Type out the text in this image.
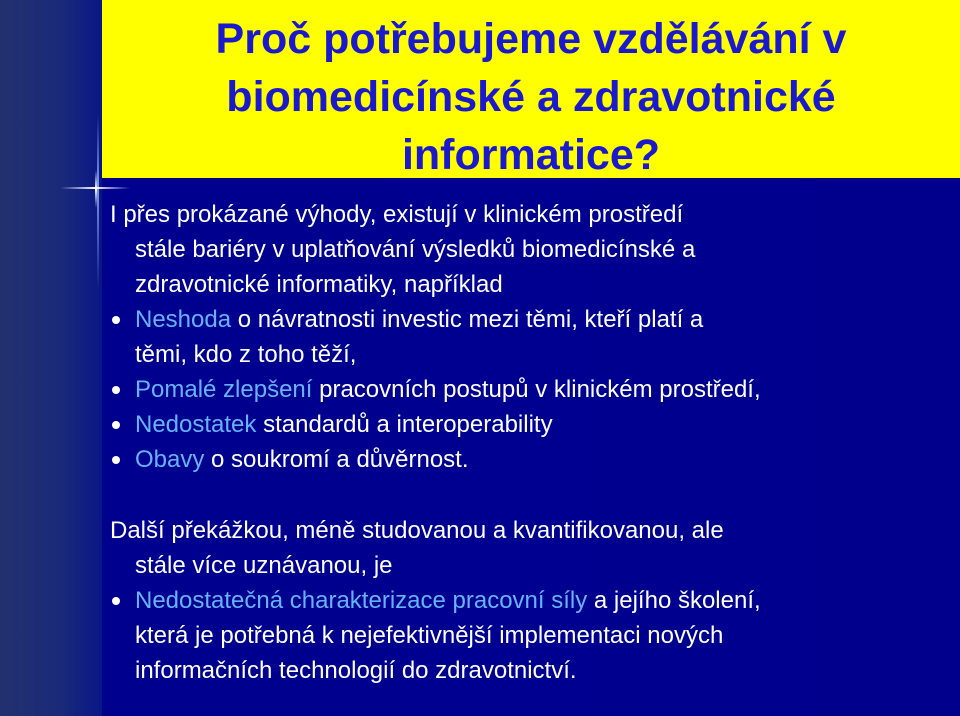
Proč potřebujeme vzdělávání v
biomedicínské a zdravotnické
informatice?
I přes prokázané výhody, existují v klinickém prostředí
stále bariéry v uplatňování výsledků biomedicínské a
zdravotnické informatiky, například
Neshoda o návratnosti investic mezi těmi, kteří platí a
těmi, kdo z toho těží,
Pomalé zlepšení pracovních postupů v klinickém prostředí,
Nedostatek standardů a interoperability
Obavy o soukromí a důvěrnost.
Další překážkou, méně studovanou a kvantifikovanou, ale
stále více uznávanou, je
Nedostatečná charakterizace pracovní síly a jejího školení,
která je potřebná k nejefektivnější implementaci nových
informačních technologií do zdravotnictví.
